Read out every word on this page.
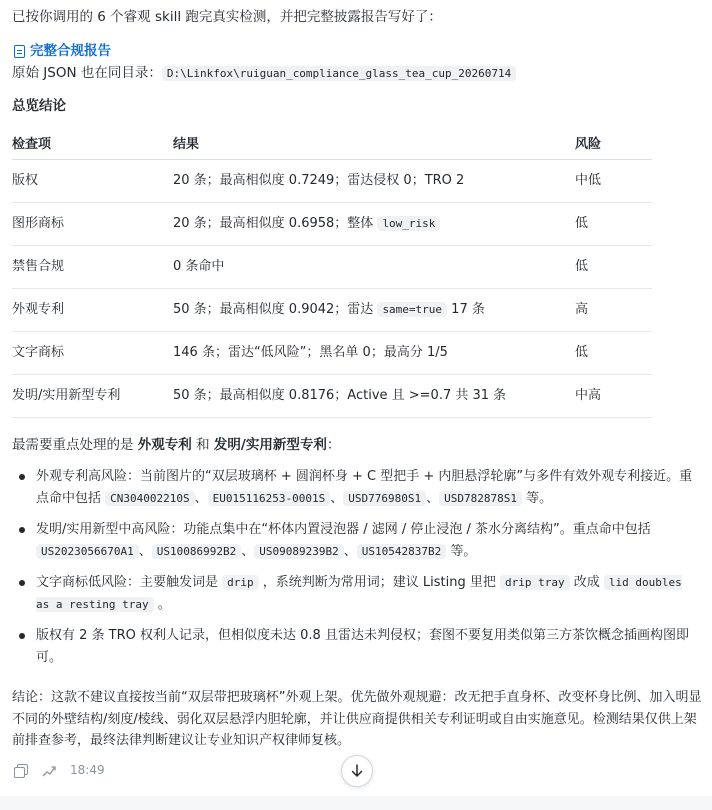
已按你调用的 6 个睿观 skill 跑完真实检测，并把完整披露报告写好了：
完整合规报告
原始 JSON 也在同目录： D:\Linkfox\ruiguan_compliance_glass_tea_cup_20260714
总览结论
检查项	结果	风险
版权	20 条；最高相似度 0.7249；雷达侵权 0；TRO 2	中低
图形商标	20 条；最高相似度 0.6958；整体 low_risk	低
禁售合规	0 条命中	低
外观专利	50 条；最高相似度 0.9042；雷达 same=true 17 条	高
文字商标	146 条；雷达“低风险”；黑名单 0；最高分 1/5	低
发明/实用新型专利	50 条；最高相似度 0.8176；Active 且 >=0.7 共 31 条	中高
最需要重点处理的是 外观专利 和 发明/实用新型专利：
外观专利高风险：当前图片的“双层玻璃杯 + 圆润杯身 + C 型把手 + 内胆悬浮轮廓”与多件有效外观专利接近。重点命中包括 CN304002210S 、 EU015116253-0001S 、 USD776980S1 、 USD782878S1 等。
发明/实用新型中高风险：功能点集中在“杯体内置浸泡器 / 滤网 / 停止浸泡 / 茶水分离结构”。重点命中包括 US2023056670A1 、 US10086992B2 、 US09089239B2 、 US10542837B2 等。
文字商标低风险：主要触发词是 drip ，系统判断为常用词；建议 Listing 里把 drip tray 改成 lid doubles as a resting tray 。
版权有 2 条 TRO 权利人记录，但相似度未达 0.8 且雷达未判侵权；套图不要复用类似第三方茶饮概念插画构图即可。
结论：这款不建议直接按当前“双层带把玻璃杯”外观上架。优先做外观规避：改无把手直身杯、改变杯身比例、加入明显不同的外壁结构/刻度/棱线、弱化双层悬浮内胆轮廓，并让供应商提供相关专利证明或自由实施意见。检测结果仅供上架前排查参考，最终法律判断建议让专业知识产权律师复核。
18:49
